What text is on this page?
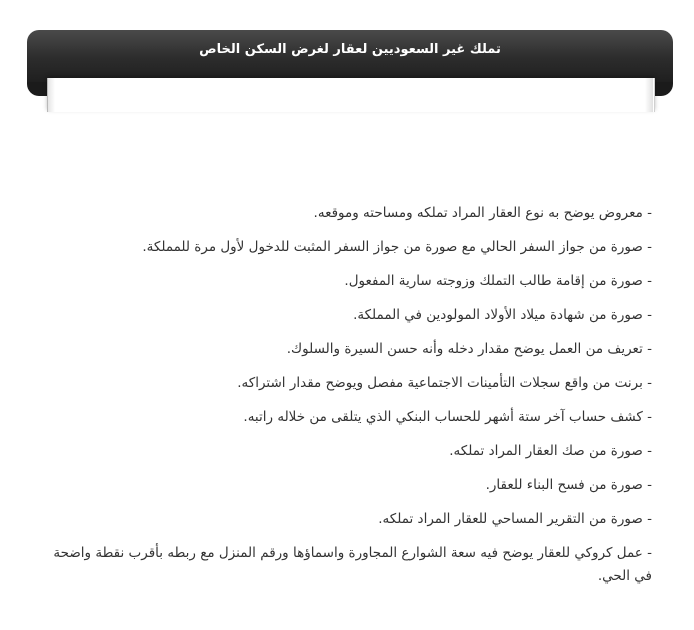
تملك غير السعوديين لعقار لغرض السكن الخاص
- معروض يوضح به نوع العقار المراد تملكه ومساحته وموقعه.
- صورة من جواز السفر الحالي مع صورة من جواز السفر المثبت للدخول لأول مرة للمملكة.
- صورة من إقامة طالب التملك وزوجته سارية المفعول.
- صورة من شهادة ميلاد الأولاد المولودين في المملكة.
- تعريف من العمل يوضح مقدار دخله وأنه حسن السيرة والسلوك.
- برنت من واقع سجلات التأمينات الاجتماعية مفصل ويوضح مقدار اشتراكه.
- كشف حساب آخر ستة أشهر للحساب البنكي الذي يتلقى من خلاله راتبه.
- صورة من صك العقار المراد تملكه.
- صورة من فسح البناء للعقار.
- صورة من التقرير المساحي للعقار المراد تملكه.
- عمل كروكي للعقار يوضح فيه سعة الشوارع المجاورة واسماؤها ورقم المنزل مع ربطه بأقرب نقطة واضحة في الحي.
